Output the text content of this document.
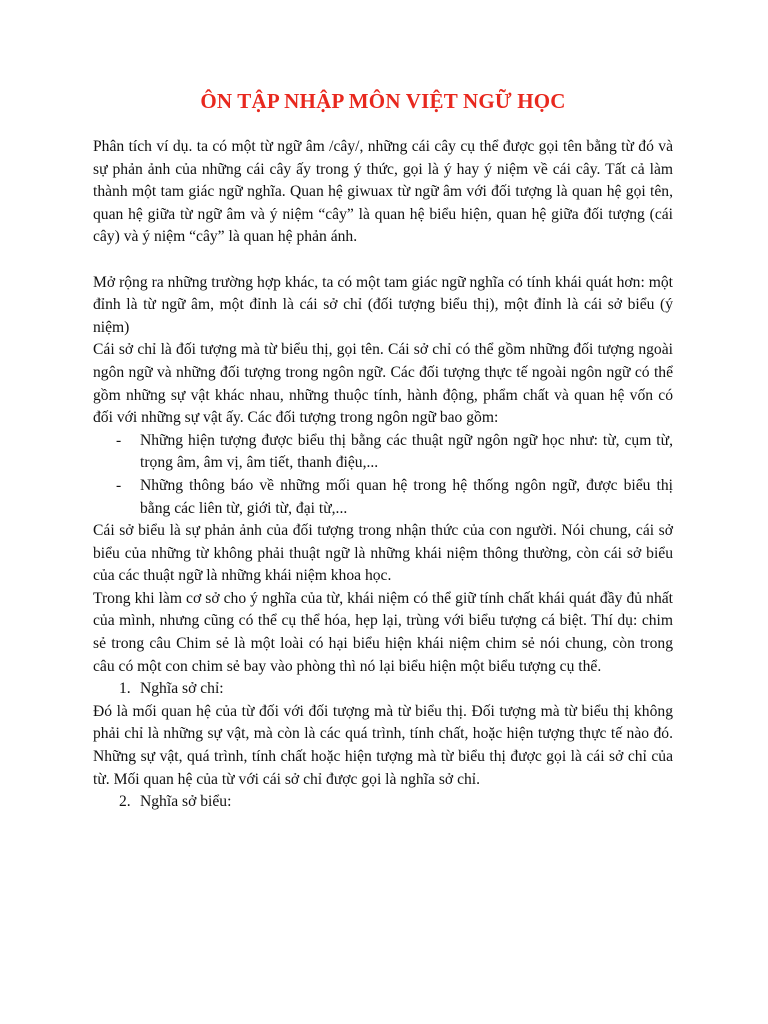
ÔN TẬP NHẬP MÔN VIỆT NGỮ HỌC

Phân tích ví dụ. ta có một từ ngữ âm /cây/, những cái cây cụ thể được gọi tên bằng từ đó và sự phản ảnh của những cái cây ấy trong ý thức, gọi là ý hay ý niệm về cái cây. Tất cả làm thành một tam giác ngữ nghĩa. Quan hệ giwuax từ ngữ âm với đối tượng là quan hệ gọi tên, quan hệ giữa từ ngữ âm và ý niệm “cây” là quan hệ biểu hiện, quan hệ giữa đối tượng (cái cây) và ý niệm “cây” là quan hệ phản ánh.

Mở rộng ra những trường hợp khác, ta có một tam giác ngữ nghĩa có tính khái quát hơn: một đỉnh là từ ngữ âm, một đỉnh là cái sở chỉ (đối tượng biểu thị), một đỉnh là cái sở biểu (ý niệm)

Cái sở chỉ là đối tượng mà từ biểu thị, gọi tên. Cái sở chỉ có thể gồm những đối tượng ngoài ngôn ngữ và những đối tượng trong ngôn ngữ. Các đối tượng thực tế ngoài ngôn ngữ có thể gồm những sự vật khác nhau, những thuộc tính, hành động, phẩm chất và quan hệ vốn có đối với những sự vật ấy. Các đối tượng trong ngôn ngữ bao gồm:

- Những hiện tượng được biểu thị bằng các thuật ngữ ngôn ngữ học như: từ, cụm từ, trọng âm, âm vị, âm tiết, thanh điệu,...
- Những thông báo về những mối quan hệ trong hệ thống ngôn ngữ, được biểu thị bằng các liên từ, giới từ, đại từ,...

Cái sở biểu là sự phản ảnh của đối tượng trong nhận thức của con người. Nói chung, cái sở biểu của những từ không phải thuật ngữ là những khái niệm thông thường, còn cái sở biểu của các thuật ngữ là những khái niệm khoa học.

Trong khi làm cơ sở cho ý nghĩa của từ, khái niệm có thể giữ tính chất khái quát đầy đủ nhất của mình, nhưng cũng có thể cụ thể hóa, hẹp lại, trùng với biểu tượng cá biệt. Thí dụ: chim sẻ trong câu Chim sẻ là một loài có hại biểu hiện khái niệm chim sẻ nói chung, còn trong câu có một con chim sẻ bay vào phòng thì nó lại biểu hiện một biểu tượng cụ thể.

1. Nghĩa sở chỉ:

Đó là mối quan hệ của từ đối với đối tượng mà từ biểu thị. Đối tượng mà từ biểu thị không phải chỉ là những sự vật, mà còn là các quá trình, tính chất, hoặc hiện tượng thực tế nào đó. Những sự vật, quá trình, tính chất hoặc hiện tượng mà từ biểu thị được gọi là cái sở chỉ của từ. Mối quan hệ của từ với cái sở chỉ được gọi là nghĩa sở chỉ.

2. Nghĩa sở biểu:
